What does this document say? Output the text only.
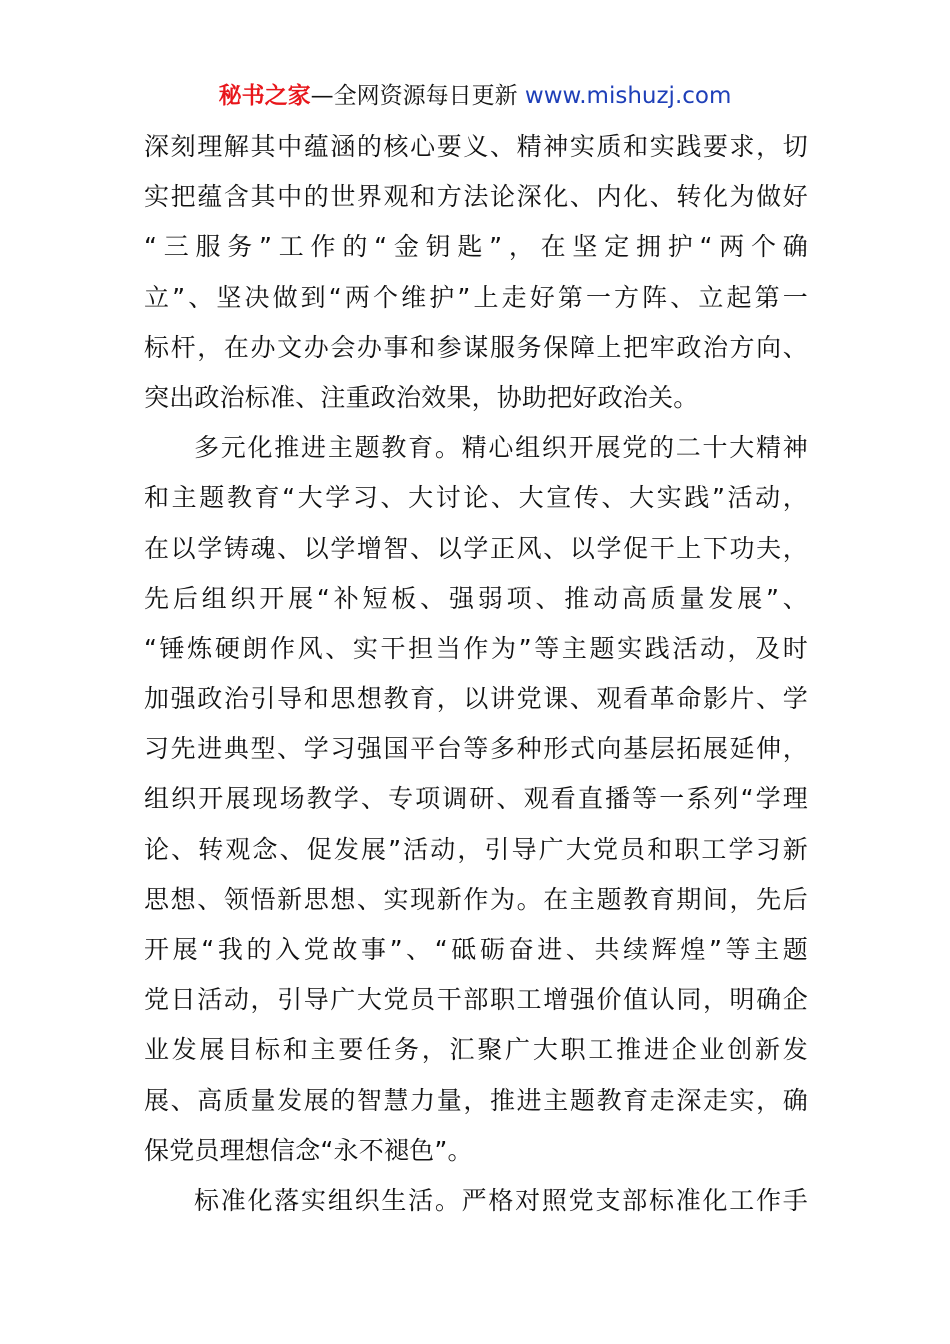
秘书之家—全网资源每日更新 www.mishuzj.com
深刻理解其中蕴涵的核心要义、精神实质和实践要求，切
实把蕴含其中的世界观和方法论深化、内化、转化为做好
“三服务”工作的“金钥匙”，在坚定拥护“两个确
立”、坚决做到“两个维护”上走好第一方阵、立起第一
标杆，在办文办会办事和参谋服务保障上把牢政治方向、
突出政治标准、注重政治效果，协助把好政治关。
多元化推进主题教育。精心组织开展党的二十大精神
和主题教育“大学习、大讨论、大宣传、大实践”活动，
在以学铸魂、以学增智、以学正风、以学促干上下功夫，
先后组织开展“补短板、强弱项、推动高质量发展”、
“锤炼硬朗作风、实干担当作为”等主题实践活动，及时
加强政治引导和思想教育，以讲党课、观看革命影片、学
习先进典型、学习强国平台等多种形式向基层拓展延伸，
组织开展现场教学、专项调研、观看直播等一系列“学理
论、转观念、促发展”活动，引导广大党员和职工学习新
思想、领悟新思想、实现新作为。在主题教育期间，先后
开展“我的入党故事”、“砥砺奋进、共续辉煌”等主题
党日活动，引导广大党员干部职工增强价值认同，明确企
业发展目标和主要任务，汇聚广大职工推进企业创新发
展、高质量发展的智慧力量，推进主题教育走深走实，确
保党员理想信念“永不褪色”。
标准化落实组织生活。严格对照党支部标准化工作手
